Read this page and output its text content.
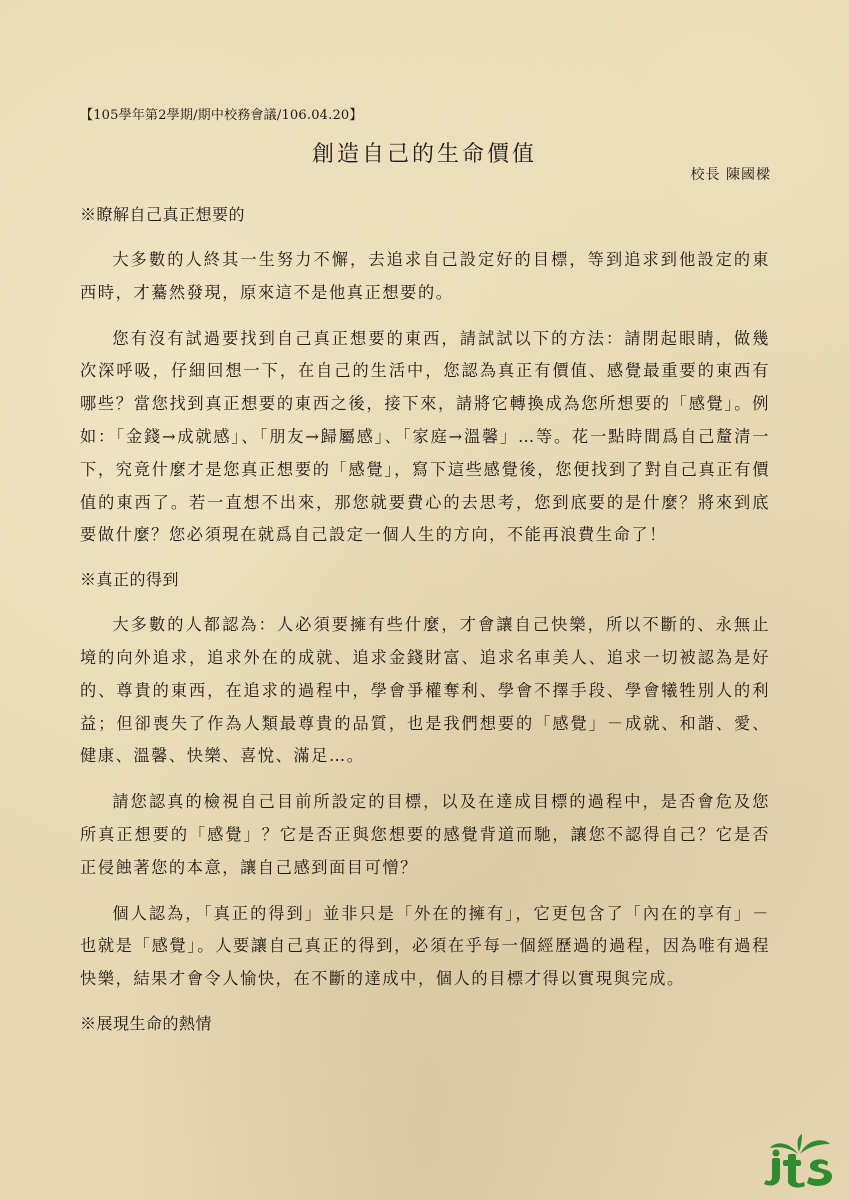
【105學年第2學期/期中校務會議/106.04.20】
創造自己的生命價值
校長 陳國樑
※瞭解自己真正想要的

大多數的人終其一生努力不懈，去追求自己設定好的目標，等到追求到他設定的東西時，才驀然發現，原來這不是他真正想要的。

您有沒有試過要找到自己真正想要的東西，請試試以下的方法：請閉起眼睛，做幾次深呼吸，仔細回想一下，在自己的生活中，您認為真正有價值、感覺最重要的東西有哪些？當您找到真正想要的東西之後，接下來，請將它轉換成為您所想要的「感覺」。例如：「金錢→成就感」、「朋友→歸屬感」、「家庭→溫馨」…等。花一點時間爲自己釐清一下，究竟什麼才是您真正想要的「感覺」，寫下這些感覺後，您便找到了對自己真正有價值的東西了。若一直想不出來，那您就要費心的去思考，您到底要的是什麼？將來到底要做什麼？您必須現在就爲自己設定一個人生的方向，不能再浪費生命了！

※真正的得到

大多數的人都認為：人必須要擁有些什麼，才會讓自己快樂，所以不斷的、永無止境的向外追求，追求外在的成就、追求金錢財富、追求名車美人、追求一切被認為是好的、尊貴的東西，在追求的過程中，學會爭權奪利、學會不擇手段、學會犧牲別人的利益；但卻喪失了作為人類最尊貴的品質，也是我們想要的「感覺」－成就、和諧、愛、健康、溫馨、快樂、喜悅、滿足…。

請您認真的檢視自己目前所設定的目標，以及在達成目標的過程中，是否會危及您所真正想要的「感覺」？它是否正與您想要的感覺背道而馳，讓您不認得自己？它是否正侵蝕著您的本意，讓自己感到面目可憎？

個人認為，「真正的得到」並非只是「外在的擁有」，它更包含了「內在的享有」－也就是「感覺」。人要讓自己真正的得到，必須在乎每一個經歷過的過程，因為唯有過程快樂，結果才會令人愉快，在不斷的達成中，個人的目標才得以實現與完成。

※展現生命的熱情
